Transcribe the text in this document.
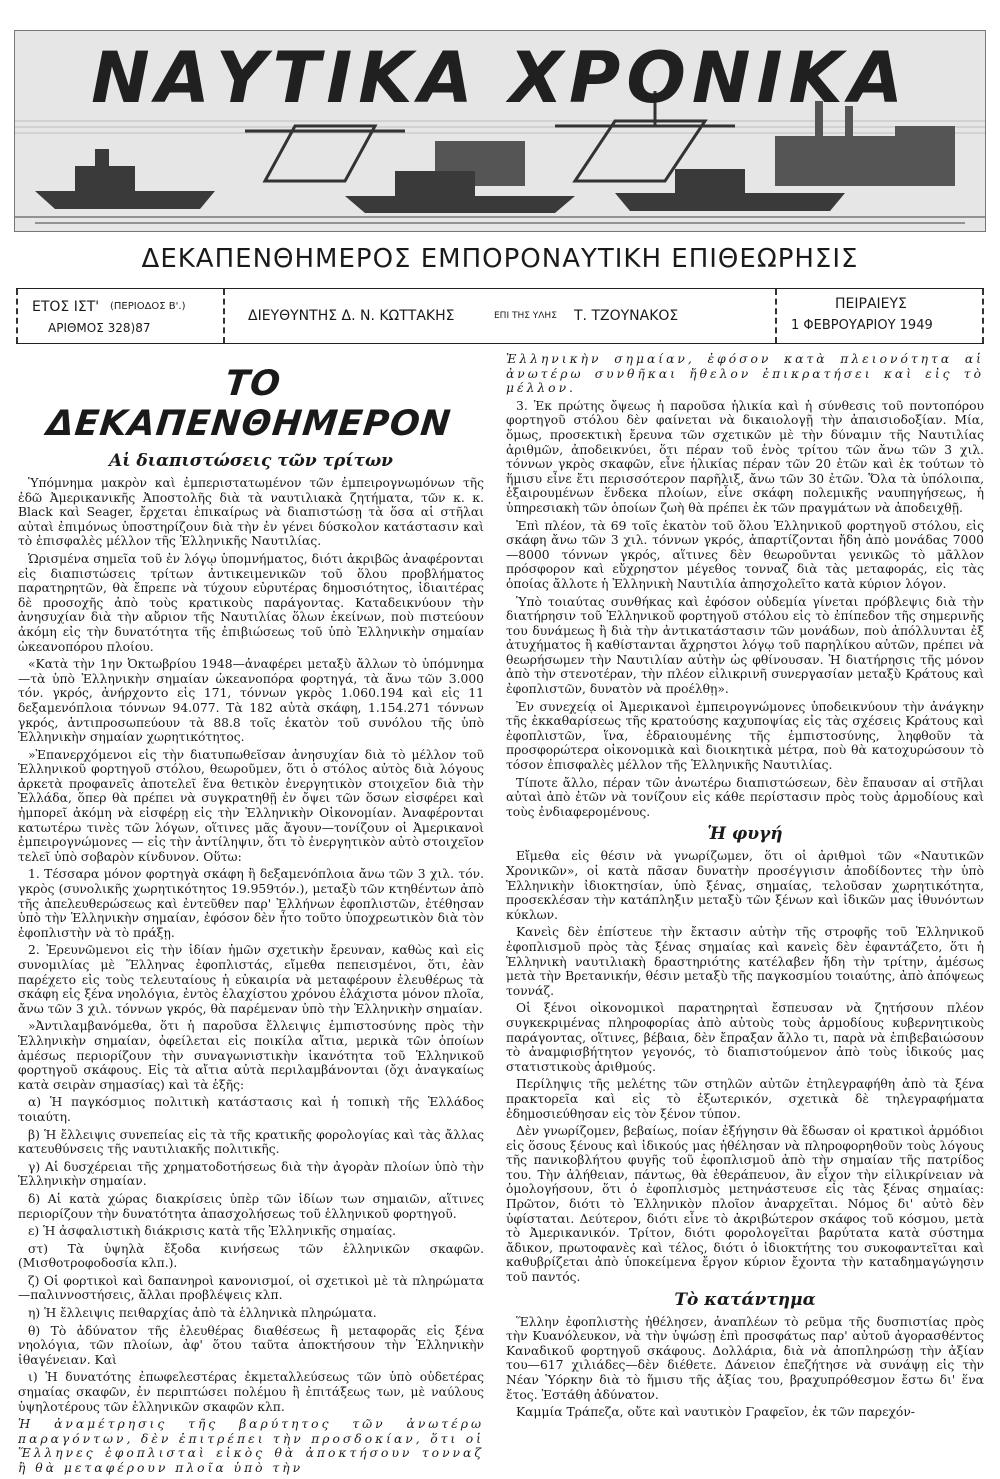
ΝΑΥΤΙΚΑ ΧΡΟΝΙΚΑ
ΔΕΚΑΠΕΝΘΗΜΕΡΟΣ ΕΜΠΟΡΟΝΑΥΤΙΚΗ ΕΠΙΘΕΩΡΗΣΙΣ
ΕΤΟΣ ΙΣΤ' (ΠΕΡΙΟΔΟΣ Β'.)
ΑΡΙΘΜΟΣ 328)87
ΔΙΕΥΘΥΝΤΗΣ Δ. Ν. ΚΩΤΤΑΚΗΣ	ΕΠΙ ΤΗΣ ΥΛΗΣ Τ. ΤΖΟΥΝΑΚΟΣ
ΠΕΙΡΑΙΕΥΣ
1 ΦΕΒΡΟΥΑΡΙΟΥ 1949
ΤΟ ΔΕΚΑΠΕΝΘΗΜΕΡΟΝ
Αἱ διαπιστώσεις τῶν τρίτων

Ὑπόμνημα μακρὸν καὶ ἐμπεριστατωμένον τῶν ἐμπειρογνωμόνων τῆς ἐδῶ Ἀμερικανικῆς Ἀποστολῆς διὰ τὰ ναυτιλιακὰ ζητήματα, τῶν κ. κ. Black καὶ Seager, ἔρχεται ἐπικαίρως νὰ διαπιστώσῃ τὰ ὅσα αἱ στῆλαι αὐταὶ ἐπιμόνως ὑποστηρίζουν διὰ τὴν ἐν γένει δύσκολον κατάστασιν καὶ τὸ ἐπισφαλὲς μέλλον τῆς Ἑλληνικῆς Ναυτιλίας.

Ὡρισμένα σημεῖα τοῦ ἐν λόγῳ ὑπομνήματος, διότι ἀκριβῶς ἀναφέρονται εἰς διαπιστώσεις τρίτων ἀντικειμενικῶν τοῦ ὅλου προβλήματος παρατηρητῶν, θὰ ἔπρεπε νὰ τύχουν εὐρυτέρας δημοσιότητος, ἰδιαιτέρας δὲ προσοχῆς ἀπὸ τοὺς κρατικοὺς παράγοντας. Καταδεικνύουν τὴν ἀνησυχίαν διὰ τὴν αὔριον τῆς Ναυτιλίας ὅλων ἐκείνων, ποὺ πιστεύουν ἀκόμη εἰς τὴν δυνατότητα τῆς ἐπιβιώσεως τοῦ ὑπὸ Ἑλληνικὴν σημαίαν ὠκεανοπόρου πλοίου.

«Κατὰ τὴν 1ην Ὀκτωβρίου 1948—ἀναφέρει μεταξὺ ἄλλων τὸ ὑπόμνημα—τὰ ὑπὸ Ἑλληνικὴν σημαίαν ὠκεανοπόρα φορτηγά, τὰ ἄνω τῶν 3.000 τόν. γκρός, ἀνήρχοντο εἰς 171, τόννων γκρὸς 1.060.194 καὶ εἰς 11 δεξαμενόπλοια τόννων 94.077. Τὰ 182 αὐτὰ σκάφη, 1.154.271 τόννων γκρός, ἀντιπροσωπεύουν τὰ 88.8 τοῖς ἑκατὸν τοῦ συνόλου τῆς ὑπὸ Ἑλληνικὴν σημαίαν χωρητικότητος.

»Ἐπανερχόμενοι εἰς τὴν διατυπωθεῖσαν ἀνησυχίαν διὰ τὸ μέλλον τοῦ Ἑλληνικοῦ φορτηγοῦ στόλου, θεωροῦμεν, ὅτι ὁ στόλος αὐτὸς διὰ λόγους ἀρκετὰ προφανεῖς ἀποτελεῖ ἕνα θετικὸν ἐνεργητικὸν στοιχεῖον διὰ τὴν Ἑλλάδα, ὅπερ θὰ πρέπει νὰ συγκρατηθῇ ἐν ὄψει τῶν ὅσων εἰσφέρει καὶ ἠμπορεῖ ἀκόμη νὰ εἰσφέρῃ εἰς τὴν Ἑλληνικὴν Οἰκονομίαν. Ἀναφέρονται κατωτέρω τινὲς τῶν λόγων, οἵτινες μᾶς ἄγουν—τονίζουν οἱ Ἀμερικανοὶ ἐμπειρογνώμονες — εἰς τὴν ἀντίληψιν, ὅτι τὸ ἐνεργητικὸν αὐτὸ στοιχεῖον τελεῖ ὑπὸ σοβαρὸν κίνδυνον. Οὕτω:

1. Τέσσαρα μόνον φορτηγὰ σκάφη ἢ δεξαμενόπλοια ἄνω τῶν 3 χιλ. τόν. γκρὸς (συνολικῆς χωρητικότητος 19.959τόν.), μεταξὺ τῶν κτηθέντων ἀπὸ τῆς ἀπελευθερώσεως καὶ ἐντεῦθεν παρ' Ἑλλήνων ἐφοπλιστῶν, ἐτέθησαν ὑπὸ τὴν Ἑλληνικὴν σημαίαν, ἐφόσον δὲν ἦτο τοῦτο ὑποχρεωτικὸν διὰ τὸν ἐφοπλιστὴν νὰ τὸ πράξῃ.

2. Ἐρευνῶμενοι εἰς τὴν ἰδίαν ἡμῶν σχετικὴν ἔρευναν, καθὼς καὶ εἰς συνομιλίας μὲ Ἕλληνας ἐφοπλιστάς, εἴμεθα πεπεισμένοι, ὅτι, ἐὰν παρέχετο εἰς τοὺς τελευταίους ἡ εὐκαιρία νὰ μεταφέρουν ἐλευθέρως τὰ σκάφη εἰς ξένα νηολόγια, ἐντὸς ἐλαχίστου χρόνου ἐλάχιστα μόνον πλοῖα, ἄνω τῶν 3 χιλ. τόννων γκρός, θὰ παρέμεναν ὑπὸ τὴν Ἑλληνικὴν σημαίαν.

»Ἀντιλαμβανόμεθα, ὅτι ἡ παροῦσα ἔλλειψις ἐμπιστοσύνης πρὸς τὴν Ἑλληνικὴν σημαίαν, ὀφείλεται εἰς ποικίλα αἴτια, μερικὰ τῶν ὁποίων ἀμέσως περιορίζουν τὴν συναγωνιστικὴν ἱκανότητα τοῦ Ἑλληνικοῦ φορτηγοῦ σκάφους. Εἰς τὰ αἴτια αὐτὰ περιλαμβάνονται (ὄχι ἀναγκαίως κατὰ σειρὰν σημασίας) καὶ τὰ ἑξῆς:

α) Ἡ παγκόσμιος πολιτικὴ κατάστασις καὶ ἡ τοπικὴ τῆς Ἑλλάδος τοιαύτη.

β) Ἡ ἔλλειψις συνεπείας εἰς τὰ τῆς κρατικῆς φορολογίας καὶ τὰς ἄλλας κατευθύνσεις τῆς ναυτιλιακῆς πολιτικῆς.

γ) Αἱ δυσχέρειαι τῆς χρηματοδοτήσεως διὰ τὴν ἀγορὰν πλοίων ὑπὸ τὴν Ἑλληνικὴν σημαίαν.

δ) Αἱ κατὰ χώρας διακρίσεις ὑπὲρ τῶν ἰδίων των σημαιῶν, αἵτινες περιορίζουν τὴν δυνατότητα ἀπασχολήσεως τοῦ ἑλληνικοῦ φορτηγοῦ.

ε) Ἡ ἀσφαλιστικὴ διάκρισις κατὰ τῆς Ἑλληνικῆς σημαίας.

στ) Τὰ ὑψηλὰ ἔξοδα κινήσεως τῶν ἑλληνικῶν σκαφῶν. (Μισθοτροφοδοσία κλπ.).

ζ) Οἱ φορτικοὶ καὶ δαπανηροὶ κανονισμοί, οἱ σχετικοὶ μὲ τὰ πληρώματα—παλιννοστήσεις, ἄλλαι προβλέψεις κλπ.

η) Ἡ ἔλλειψις πειθαρχίας ἀπὸ τὰ ἑλληνικὰ πληρώματα.

θ) Τὸ ἀδύνατον τῆς ἐλευθέρας διαθέσεως ἢ μεταφορᾶς εἰς ξένα νηολόγια, τῶν πλοίων, ἀφ' ὅτου ταῦτα ἀποκτήσουν τὴν Ἑλληνικὴν ἰθαγένειαν. Καὶ

ι) Ἡ δυνατότης ἐπωφελεστέρας ἐκμεταλλεύσεως τῶν ὑπὸ οὐδετέρας σημαίας σκαφῶν, ἐν περιπτώσει πολέμου ἢ ἐπιτάξεως των, μὲ ναύλους ὑψηλοτέρους τῶν ἑλληνικῶν σκαφῶν κλπ.

Ἡ ἀναμέτρησις τῆς βαρύτητος τῶν ἀνωτέρω παραγόντων, δὲν ἐπιτρέπει τὴν προσδοκίαν, ὅτι οἱ Ἕλληνες ἐφοπλισταὶ εἰκὸς θὰ ἀποκτήσουν τονναζ ἢ θὰ μεταφέρουν πλοῖα ὑπὸ τὴν

Ἑλληνικὴν σημαίαν, ἐφόσον κατὰ πλειονότητα αἱ ἀνωτέρω συνθῆκαι ἤθελον ἐπικρατήσει καὶ εἰς τὸ μέλλον.

3. Ἐκ πρώτης ὄψεως ἡ παροῦσα ἡλικία καὶ ἡ σύνθεσις τοῦ ποντοπόρου φορτηγοῦ στόλου δὲν φαίνεται νὰ δικαιολογῇ τὴν ἀπαισιοδοξίαν. Μία, ὅμως, προσεκτικὴ ἔρευνα τῶν σχετικῶν μὲ τὴν δύναμιν τῆς Ναυτιλίας ἀριθμῶν, ἀποδεικνύει, ὅτι πέραν τοῦ ἑνὸς τρίτου τῶν ἄνω τῶν 3 χιλ. τόννων γκρὸς σκαφῶν, εἶνε ἡλικίας πέραν τῶν 20 ἐτῶν καὶ ἐκ τούτων τὸ ἥμισυ εἶνε ἔτι περισσότερον παρῆλιξ, ἄνω τῶν 30 ἐτῶν. Ὅλα τὰ ὑπόλοιπα, ἐξαιρουμένων ἕνδεκα πλοίων, εἶνε σκάφη πολεμικῆς ναυπηγήσεως, ἡ ὑπηρεσιακὴ τῶν ὁποίων ζωὴ θὰ πρέπει ἐκ τῶν πραγμάτων νὰ ἀποδειχθῇ.

Ἐπὶ πλέον, τὰ 69 τοῖς ἑκατὸν τοῦ ὅλου Ἑλληνικοῦ φορτηγοῦ στόλου, εἰς σκάφη ἄνω τῶν 3 χιλ. τόννων γκρός, ἀπαρτίζονται ἤδη ἀπὸ μονάδας 7000—8000 τόννων γκρός, αἵτινες δὲν θεωροῦνται γενικῶς τὸ μᾶλλον πρόσφορον καὶ εὔχρηστον μέγεθος τονναζ διὰ τὰς μεταφοράς, εἰς τὰς ὁποίας ἄλλοτε ἡ Ἑλληνικὴ Ναυτιλία ἀπησχολεῖτο κατὰ κύριον λόγον.

Ὑπὸ τοιαύτας συνθήκας καὶ ἐφόσον οὐδεμία γίνεται πρόβλεψις διὰ τὴν διατήρησιν τοῦ Ἑλληνικοῦ φορτηγοῦ στόλου εἰς τὸ ἐπίπεδον τῆς σημερινῆς του δυνάμεως ἢ διὰ τὴν ἀντικατάστασιν τῶν μονάδων, ποὺ ἀπόλλυνται ἐξ ἀτυχήματος ἢ καθίστανται ἄχρηστοι λόγῳ τοῦ παρηλίκου αὐτῶν, πρέπει νὰ θεωρήσωμεν τὴν Ναυτιλίαν αὐτὴν ὡς φθίνουσαν. Ἡ διατήρησις τῆς μόνον ἀπὸ τὴν στενοτέραν, τὴν πλέον εἰλικρινῆ συνεργασίαν μεταξὺ Κράτους καὶ ἐφοπλιστῶν, δυνατὸν νὰ προέλθῃ».

Ἐν συνεχείᾳ οἱ Ἀμερικανοὶ ἐμπειρογνώμονες ὑποδεικνύουν τὴν ἀνάγκην τῆς ἐκκαθαρίσεως τῆς κρατούσης καχυποψίας εἰς τὰς σχέσεις Κράτους καὶ ἐφοπλιστῶν, ἵνα, ἑδραιουμένης τῆς ἐμπιστοσύνης, ληφθοῦν τὰ προσφορώτερα οἰκονομικὰ καὶ διοικητικὰ μέτρα, ποὺ θὰ κατοχυρώσουν τὸ τόσον ἐπισφαλὲς μέλλον τῆς Ἑλληνικῆς Ναυτιλίας.

Τίποτε ἄλλο, πέραν τῶν ἀνωτέρω διαπιστώσεων, δὲν ἔπαυσαν αἱ στῆλαι αὐταὶ ἀπὸ ἐτῶν νὰ τονίζουν εἰς κάθε περίστασιν πρὸς τοὺς ἁρμοδίους καὶ τοὺς ἐνδιαφερομένους.

Ἡ φυγή

Εἴμεθα εἰς θέσιν νὰ γνωρίζωμεν, ὅτι οἱ ἀριθμοὶ τῶν «Ναυτικῶν Χρονικῶν», οἱ κατὰ πᾶσαν δυνατὴν προσέγγισιν ἀποδίδοντες τὴν ὑπὸ Ἑλληνικὴν ἰδιοκτησίαν, ὑπὸ ξένας, σημαίας, τελοῦσαν χωρητικότητα, προσεκλέσαν τὴν κατάπληξιν μεταξὺ τῶν ξένων καὶ ἰδικῶν μας ἰθυνόντων κύκλων.

Κανεὶς δὲν ἐπίστευε τὴν ἔκτασιν αὐτὴν τῆς στροφῆς τοῦ Ἑλληνικοῦ ἐφοπλισμοῦ πρὸς τὰς ξένας σημαίας καὶ κανεὶς δὲν ἐφαντάζετο, ὅτι ἡ Ἑλληνικὴ ναυτιλιακὴ δραστηριότης κατέλαβεν ἤδη τὴν τρίτην, ἀμέσως μετὰ τὴν Βρετανικήν, θέσιν μεταξὺ τῆς παγκοσμίου τοιαύτης, ἀπὸ ἀπόψεως τοννάζ.

Οἱ ξένοι οἰκονομικοὶ παρατηρηταὶ ἔσπευσαν νὰ ζητήσουν πλέον συγκεκριμένας πληροφορίας ἀπὸ αὐτοὺς τοὺς ἁρμοδίους κυβερνητικοὺς παράγοντας, οἵτινες, βέβαια, δὲν ἔπραξαν ἄλλο τι, παρὰ νὰ ἐπιβεβαιώσουν τὸ ἀναμφισβήτητον γεγονός, τὸ διαπιστούμενον ἀπὸ τοὺς ἰδικούς μας στατιστικοὺς ἀριθμούς.

Περίληψις τῆς μελέτης τῶν στηλῶν αὐτῶν ἐτηλεγραφήθη ἀπὸ τὰ ξένα πρακτορεῖα καὶ εἰς τὸ ἐξωτερικόν, σχετικὰ δὲ τηλεγραφήματα ἐδημοσιεύθησαν εἰς τὸν ξένον τύπον.

Δὲν γνωρίζομεν, βεβαίως, ποίαν ἐξήγησιν θὰ ἔδωσαν οἱ κρατικοὶ ἁρμόδιοι εἰς ὅσους ξένους καὶ ἰδικούς μας ἠθέλησαν νὰ πληροφορηθοῦν τοὺς λόγους τῆς πανικοβλήτου φυγῆς τοῦ ἐφοπλισμοῦ ἀπὸ τὴν σημαίαν τῆς πατρίδος του. Τὴν ἀλήθειαν, πάντως, θὰ ἐθεράπευον, ἂν εἶχον τὴν εἰλικρίνειαν νὰ ὁμολογήσουν, ὅτι ὁ ἐφοπλισμὸς μετηνάστευσε εἰς τὰς ξένας σημαίας: Πρῶτον, διότι τὸ Ἑλληνικὸν πλοῖον ἀναρχεῖται. Νόμος δι' αὐτὸ δὲν ὑφίσταται. Δεύτερον, διότι εἶνε τὸ ἀκριβώτερον σκάφος τοῦ κόσμου, μετὰ τὸ Ἀμερικανικόν. Τρίτον, διότι φορολογεῖται βαρύτατα κατὰ σύστημα ἄδικον, πρωτοφανὲς καὶ τέλος, διότι ὁ ἰδιοκτήτης του συκοφαντεῖται καὶ καθυβρίζεται ἀπὸ ὑποκείμενα ἔργον κύριον ἔχοντα τὴν καταδημαγώγησιν τοῦ παντός.

Τὸ κατάντημα

Ἕλλην ἐφοπλιστὴς ἠθέλησεν, ἀναπλέων τὸ ρεῦμα τῆς δυσπιστίας πρὸς τὴν Κυανόλευκον, νὰ τὴν ὑψώσῃ ἐπὶ προσφάτως παρ' αὐτοῦ ἀγορασθέντος Καναδικοῦ φορτηγοῦ σκάφους. Δολλάρια, διὰ νὰ ἀποπληρώσῃ τὴν ἀξίαν του—617 χιλιάδες—δὲν διέθετε. Δάνειον ἐπεζήτησε νὰ συνάψῃ εἰς τὴν Νέαν Ὑόρκην διὰ τὸ ἥμισυ τῆς ἀξίας του, βραχυπρόθεσμον ἔστω δι' ἕνα ἔτος. Ἐστάθη ἀδύνατον.

Καμμία Τράπεζα, οὔτε καὶ ναυτικὸν Γραφεῖον, ἐκ τῶν παρεχόν-
